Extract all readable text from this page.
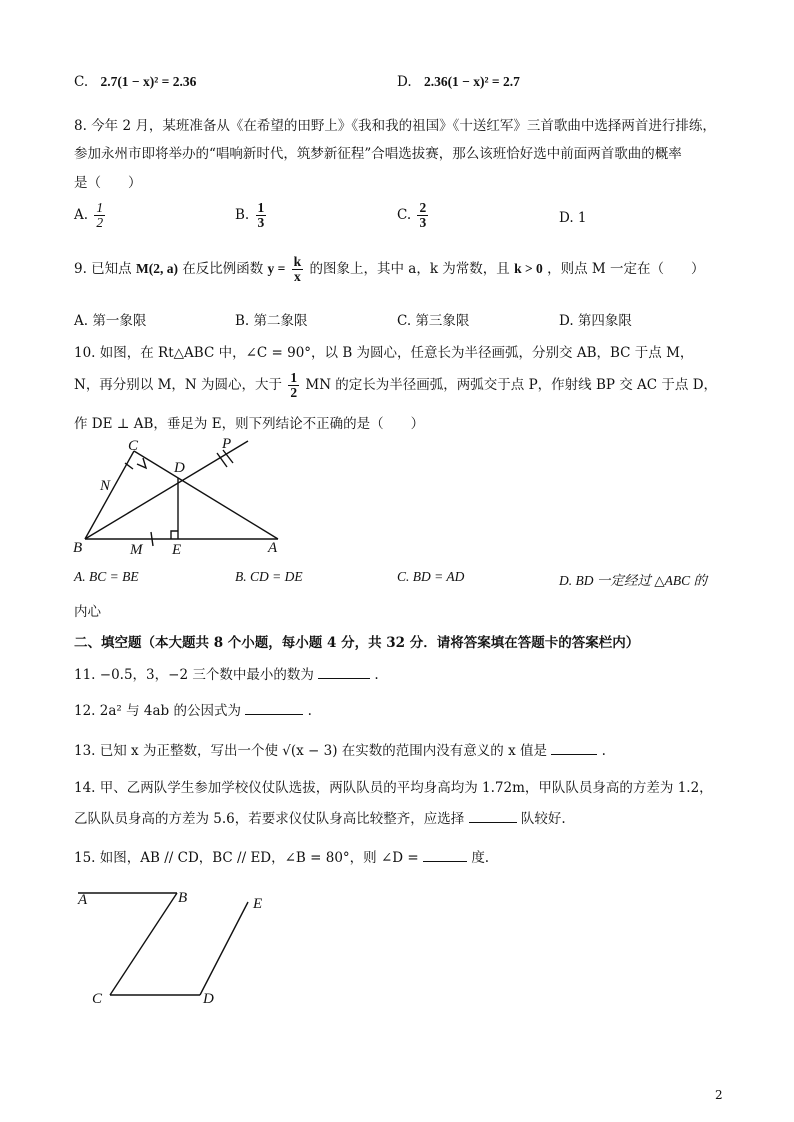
C. 2.7(1 − x)² = 2.36	D. 2.36(1 − x)² = 2.7
8. 今年 2 月，某班准备从《在希望的田野上》《我和我的祖国》《十送红军》三首歌曲中选择两首进行排练，
参加永州市即将举办的“唱响新时代，筑梦新征程”合唱选拔赛，那么该班恰好选中前面两首歌曲的概率
是（　　）
A. $\frac{1}{2}$	B. $\frac{1}{3}$	C. $\frac{2}{3}$	D. 1
9. 已知点 M(2, a) 在反比例函数 $y = \frac{k}{x}$ 的图象上，其中 a，k 为常数，且 k > 0 ，则点 M 一定在（　　）
A. 第一象限	B. 第二象限	C. 第三象限	D. 第四象限
10. 如图，在 Rt△ABC 中，∠C = 90°，以 B 为圆心，任意长为半径画弧，分别交 AB，BC 于点 M，
N，再分别以 M，N 为圆心，大于 $\frac{1}{2}$ MN 的定长为半径画弧，两弧交于点 P，作射线 BP 交 AC 于点 D，
作 DE ⊥ AB，垂足为 E，则下列结论不正确的是（　　）
C	P
D
N
B	M E	A
A. BC = BE	B. CD = DE	C. BD = AD	D. BD 一定经过 △ABC 的
内心
二、填空题（本大题共 8 个小题，每小题 4 分，共 32 分．请将答案填在答题卡的答案栏内）
11. −0.5，3，−2 三个数中最小的数为	.
12. 2a² 与 4ab 的公因式为	.
13. 已知 x 为正整数，写出一个使 √(x − 3) 在实数的范围内没有意义的 x 值是	.
14. 甲、乙两队学生参加学校仪仗队选拔，两队队员的平均身高均为 1.72m，甲队队员身高的方差为 1.2，
乙队队员身高的方差为 5.6，若要求仪仗队身高比较整齐，应选择	队较好.
15. 如图，AB // CD，BC // ED，∠B = 80°，则 ∠D =	度.
A	B	E
C	D
2
